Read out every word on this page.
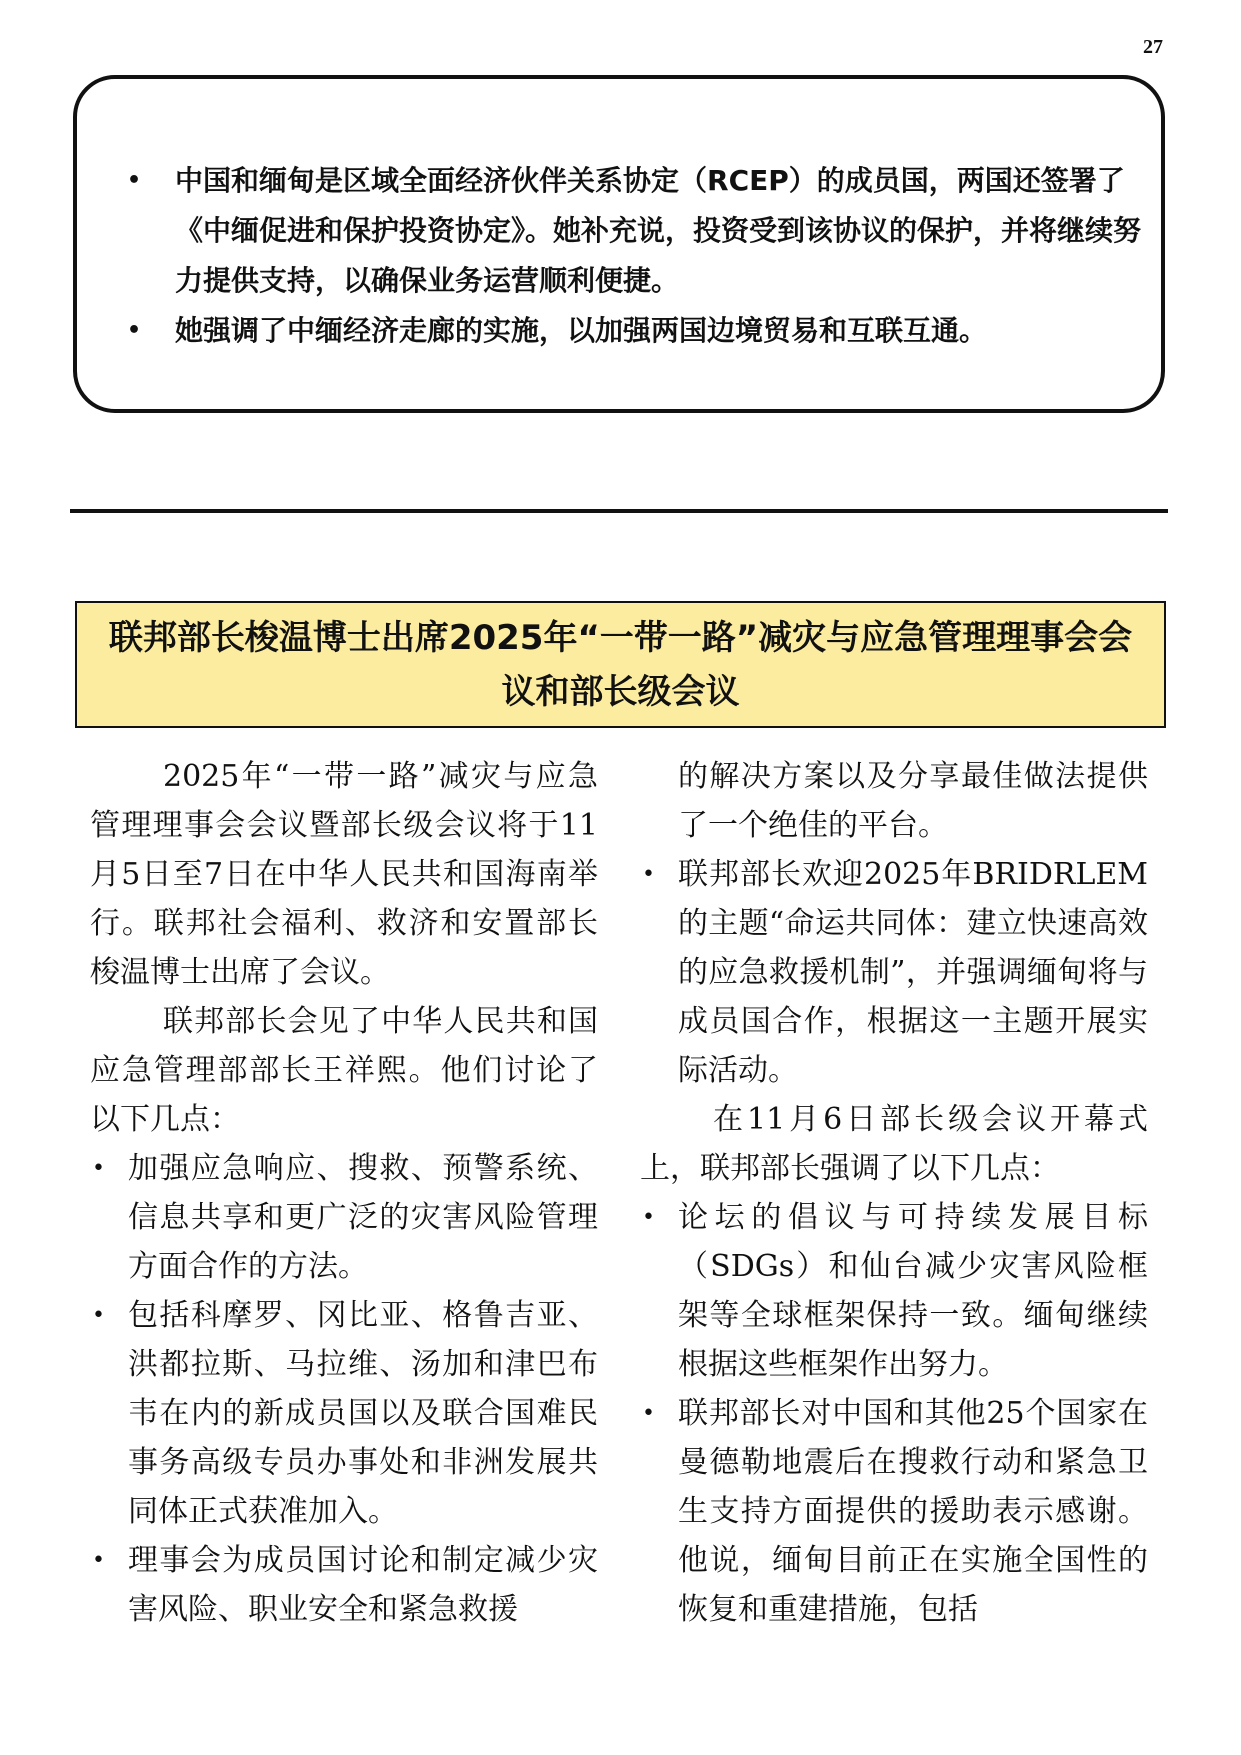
27
• 中国和缅甸是区域全面经济伙伴关系协定（RCEP）的成员国，两国还签署了《中缅促进和保护投资协定》。她补充说，投资受到该协议的保护，并将继续努力提供支持，以确保业务运营顺利便捷。
• 她强调了中缅经济走廊的实施，以加强两国边境贸易和互联互通。
联邦部长梭温博士出席2025年“一带一路”减灾与应急管理理事会会议和部长级会议

2025年“一带一路”减灾与应急管理理事会会议暨部长级会议将于11月5日至7日在中华人民共和国海南举行。联邦社会福利、救济和安置部长梭温博士出席了会议。

联邦部长会见了中华人民共和国应急管理部部长王祥熙。他们讨论了以下几点：

• 加强应急响应、搜救、预警系统、信息共享和更广泛的灾害风险管理方面合作的方法。
• 包括科摩罗、冈比亚、格鲁吉亚、洪都拉斯、马拉维、汤加和津巴布韦在内的新成员国以及联合国难民事务高级专员办事处和非洲发展共同体正式获准加入。
• 理事会为成员国讨论和制定减少灾害风险、职业安全和紧急救援

的解决方案以及分享最佳做法提供了一个绝佳的平台。

• 联邦部长欢迎2025年BRIDRLEM的主题“命运共同体：建立快速高效的应急救援机制”，并强调缅甸将与成员国合作，根据这一主题开展实际活动。

在11月6日部长级会议开幕式上，联邦部长强调了以下几点：

• 论坛的倡议与可持续发展目标（SDGs）和仙台减少灾害风险框架等全球框架保持一致。缅甸继续根据这些框架作出努力。
• 联邦部长对中国和其他25个国家在曼德勒地震后在搜救行动和紧急卫生支持方面提供的援助表示感谢。他说，缅甸目前正在实施全国性的恢复和重建措施，包括
